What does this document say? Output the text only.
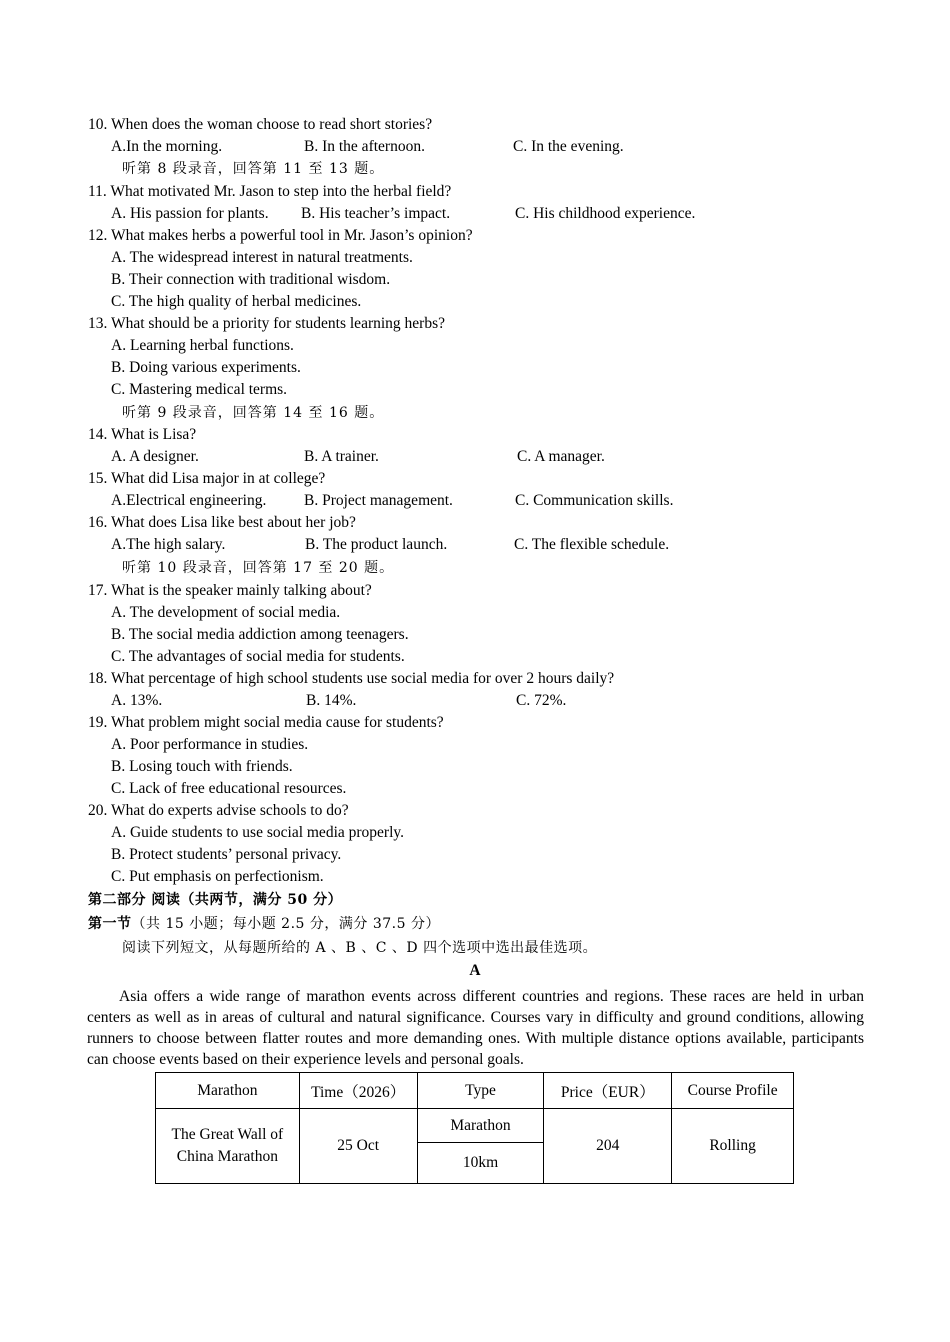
10. When does the woman choose to read short stories?
A.In the morning.	B. In the afternoon.	C. In the evening.
听第 8 段录音，回答第 11 至 13 题。
11. What motivated Mr. Jason to step into the herbal field?
A. His passion for plants. B. His teacher’s impact.	C. His childhood experience.
12. What makes herbs a powerful tool in Mr. Jason’s opinion?
A. The widespread interest in natural treatments.
B. Their connection with traditional wisdom.
C. The high quality of herbal medicines.
13. What should be a priority for students learning herbs?
A. Learning herbal functions.
B. Doing various experiments.
C. Mastering medical terms.
听第 9 段录音，回答第 14 至 16 题。
14. What is Lisa?
A. A designer.	B. A trainer.	C. A manager.
15. What did Lisa major in at college?
A.Electrical engineering. B. Project management.	C. Communication skills.
16. What does Lisa like best about her job?
A.The high salary.	B. The product launch.	C. The flexible schedule.
听第 10 段录音，回答第 17 至 20 题。
17. What is the speaker mainly talking about?
A. The development of social media.
B. The social media addiction among teenagers.
C. The advantages of social media for students.
18. What percentage of high school students use social media for over 2 hours daily?
A. 13%.	B. 14%.	C. 72%.
19. What problem might social media cause for students?
A. Poor performance in studies.
B. Losing touch with friends.
C. Lack of free educational resources.
20. What do experts advise schools to do?
A. Guide students to use social media properly.
B. Protect students’ personal privacy.
C. Put emphasis on perfectionism.
第二部分 阅读（共两节，满分 50 分）
第一节（共 15 小题；每小题 2.5 分，满分 37.5 分）
阅读下列短文，从每题所给的 A 、B 、C 、D 四个选项中选出最佳选项。
A
Asia offers a wide range of marathon events across different countries and regions. These races are held in urban centers as well as in areas of cultural and natural significance. Courses vary in difficulty and ground conditions, allowing runners to choose between flatter routes and more demanding ones. With multiple distance options available, participants can choose events based on their experience levels and personal goals.
Marathon	Time（2026）	Type	Price（EUR）	Course Profile
The Great Wall of China Marathon	25 Oct	Marathon	204	Rolling
		10km		
